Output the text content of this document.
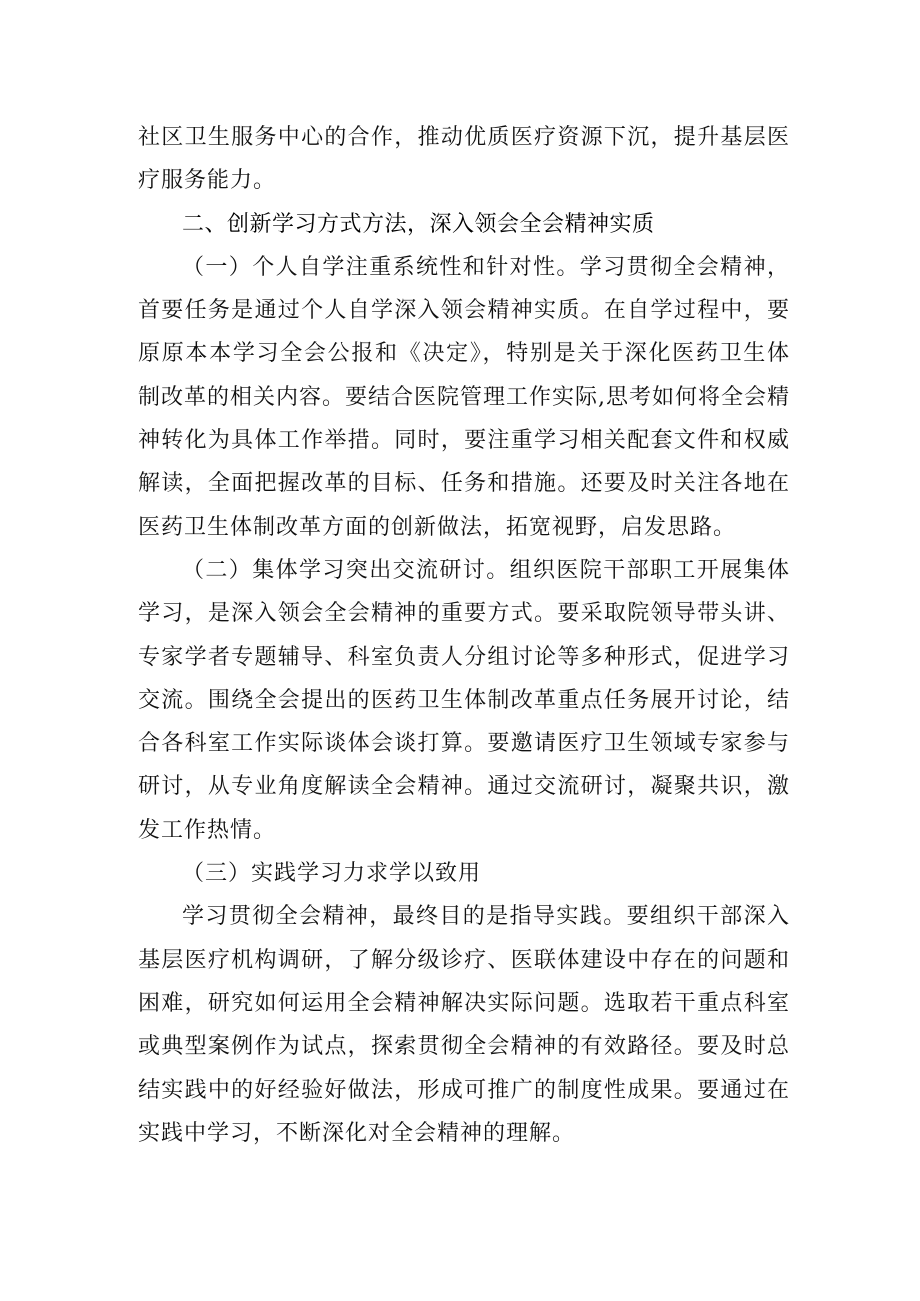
社区卫生服务中心的合作，推动优质医疗资源下沉，提升基层医疗服务能力。

二、创新学习方式方法，深入领会全会精神实质

（一）个人自学注重系统性和针对性。学习贯彻全会精神，首要任务是通过个人自学深入领会精神实质。在自学过程中，要原原本本学习全会公报和《决定》，特别是关于深化医药卫生体制改革的相关内容。要结合医院管理工作实际,思考如何将全会精神转化为具体工作举措。同时，要注重学习相关配套文件和权威解读，全面把握改革的目标、任务和措施。还要及时关注各地在医药卫生体制改革方面的创新做法，拓宽视野，启发思路。

（二）集体学习突出交流研讨。组织医院干部职工开展集体学习，是深入领会全会精神的重要方式。要采取院领导带头讲、专家学者专题辅导、科室负责人分组讨论等多种形式，促进学习交流。围绕全会提出的医药卫生体制改革重点任务展开讨论，结合各科室工作实际谈体会谈打算。要邀请医疗卫生领域专家参与研讨，从专业角度解读全会精神。通过交流研讨，凝聚共识，激发工作热情。

（三）实践学习力求学以致用

学习贯彻全会精神，最终目的是指导实践。要组织干部深入基层医疗机构调研，了解分级诊疗、医联体建设中存在的问题和困难，研究如何运用全会精神解决实际问题。选取若干重点科室或典型案例作为试点，探索贯彻全会精神的有效路径。要及时总结实践中的好经验好做法，形成可推广的制度性成果。要通过在实践中学习，不断深化对全会精神的理解。
